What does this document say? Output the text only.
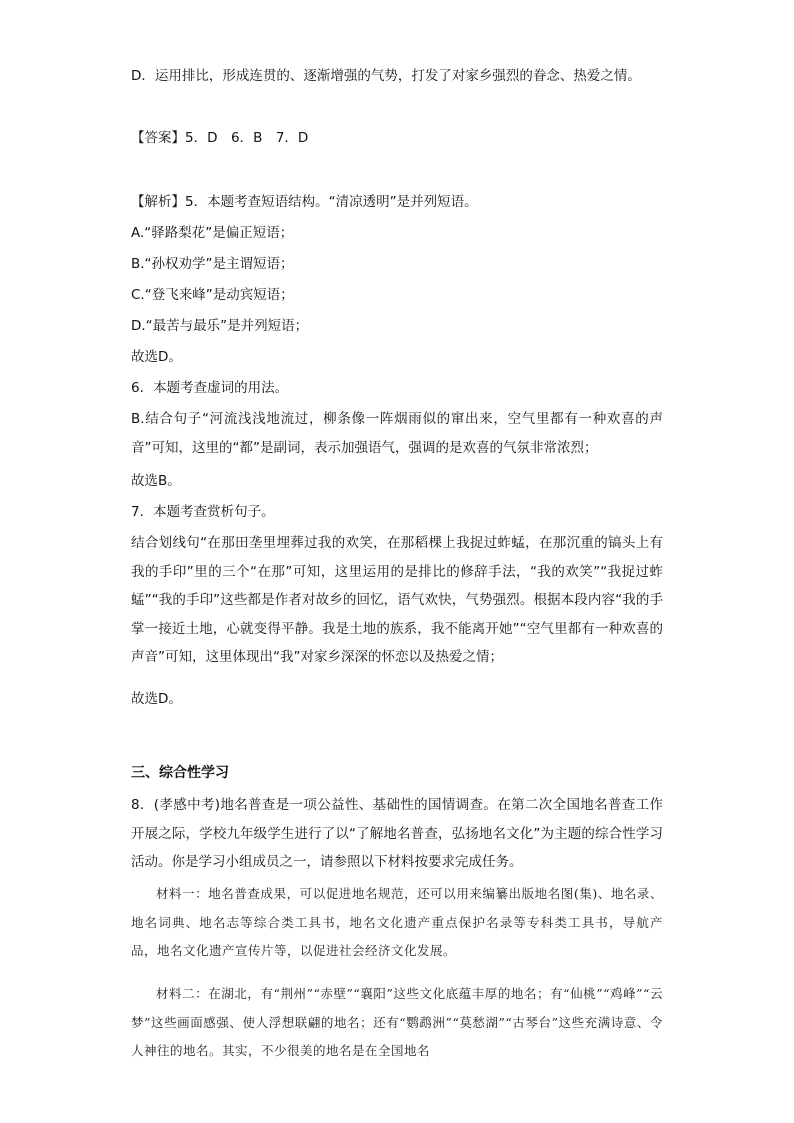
D．运用排比，形成连贯的、逐渐增强的气势，打发了对家乡强烈的眷念、热爱之情。
【答案】5．D　6．B　7．D
【解析】5．本题考查短语结构。“清凉透明”是并列短语。
A.“驿路梨花”是偏正短语；
B.“孙权劝学”是主谓短语；
C.“登飞来峰”是动宾短语；
D.“最苦与最乐”是并列短语；
故选D。
6．本题考查虚词的用法。
B.结合句子“河流浅浅地流过，柳条像一阵烟雨似的窜出来，空气里都有一种欢喜的声音”可知，这里的“都”是副词，表示加强语气，强调的是欢喜的气氛非常浓烈；
故选B。
7．本题考查赏析句子。
结合划线句“在那田垄里埋葬过我的欢笑，在那稻棵上我捉过蚱蜢，在那沉重的镐头上有我的手印”里的三个“在那”可知，这里运用的是排比的修辞手法，“我的欢笑”“我捉过蚱蜢”“我的手印”这些都是作者对故乡的回忆，语气欢快，气势强烈。根据本段内容“我的手掌一接近土地，心就变得平静。我是土地的族系，我不能离开她”“空气里都有一种欢喜的声音”可知，这里体现出“我”对家乡深深的怀恋以及热爱之情；
故选D。
三、综合性学习
8．(孝感中考)地名普查是一项公益性、基础性的国情调查。在第二次全国地名普查工作开展之际，学校九年级学生进行了以“了解地名普查，弘扬地名文化”为主题的综合性学习活动。你是学习小组成员之一，请参照以下材料按要求完成任务。
材料一：地名普查成果，可以促进地名规范，还可以用来编纂出版地名图(集)、地名录、地名词典、地名志等综合类工具书，地名文化遗产重点保护名录等专科类工具书，导航产品，地名文化遗产宣传片等，以促进社会经济文化发展。
材料二：在湖北，有“荆州”“赤壁”“襄阳”这些文化底蕴丰厚的地名；有“仙桃”“鸡峰”“云梦”这些画面感强、使人浮想联翩的地名；还有“鹦鹉洲”“莫愁湖”“古琴台”这些充满诗意、令人神往的地名。其实，不少很美的地名是在全国地名
